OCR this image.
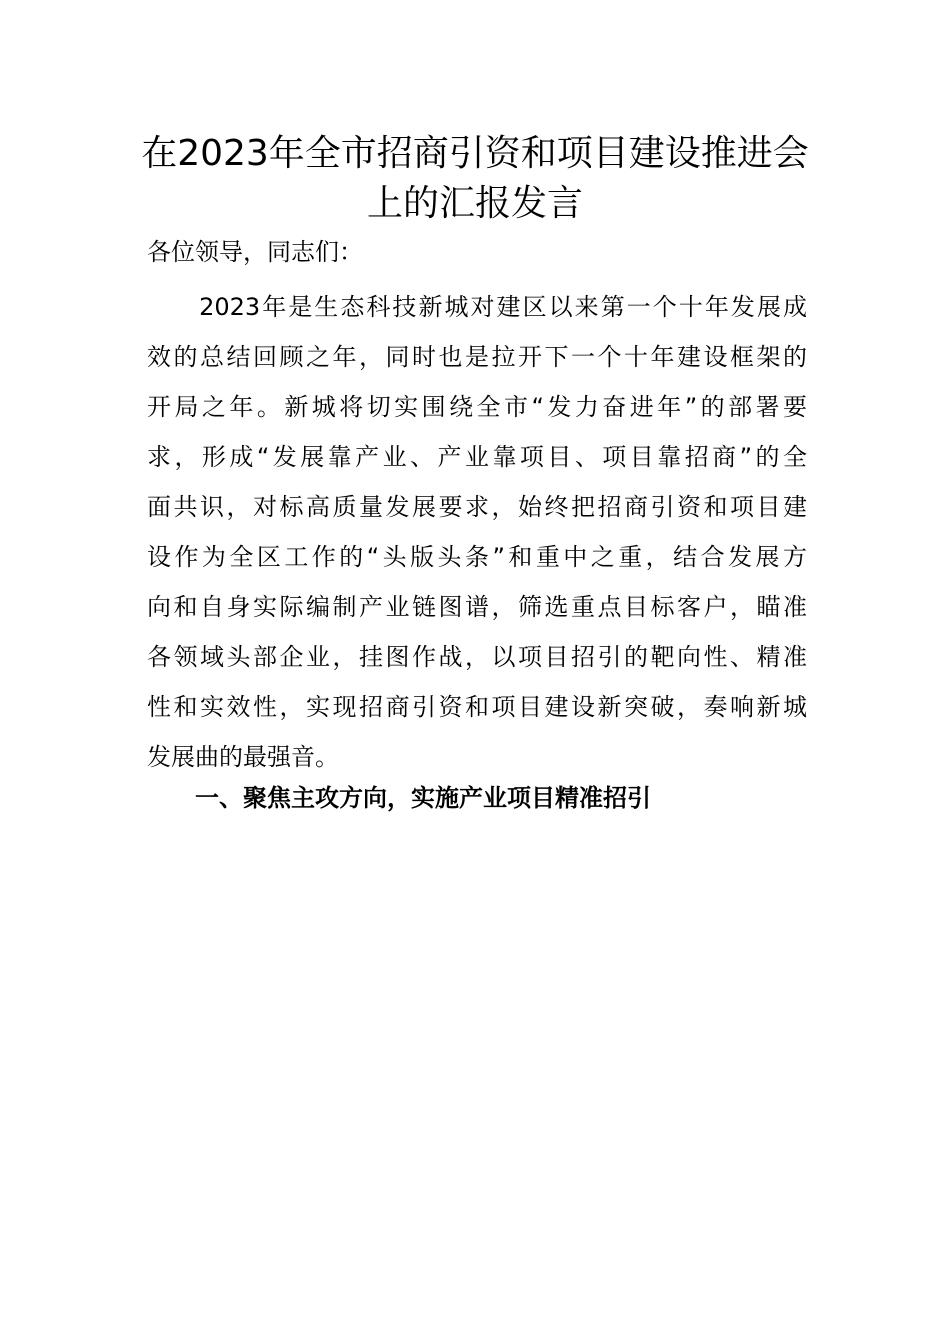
在2023年全市招商引资和项目建设推进会
上的汇报发言
各位领导，同志们：
　　2023年是生态科技新城对建区以来第一个十年发展成
效的总结回顾之年，同时也是拉开下一个十年建设框架的
开局之年。新城将切实围绕全市“发力奋进年”的部署要
求，形成“发展靠产业、产业靠项目、项目靠招商”的全
面共识，对标高质量发展要求，始终把招商引资和项目建
设作为全区工作的“头版头条”和重中之重，结合发展方
向和自身实际编制产业链图谱，筛选重点目标客户，瞄准
各领域头部企业，挂图作战，以项目招引的靶向性、精准
性和实效性，实现招商引资和项目建设新突破，奏响新城
发展曲的最强音。
一、聚焦主攻方向，实施产业项目精准招引
